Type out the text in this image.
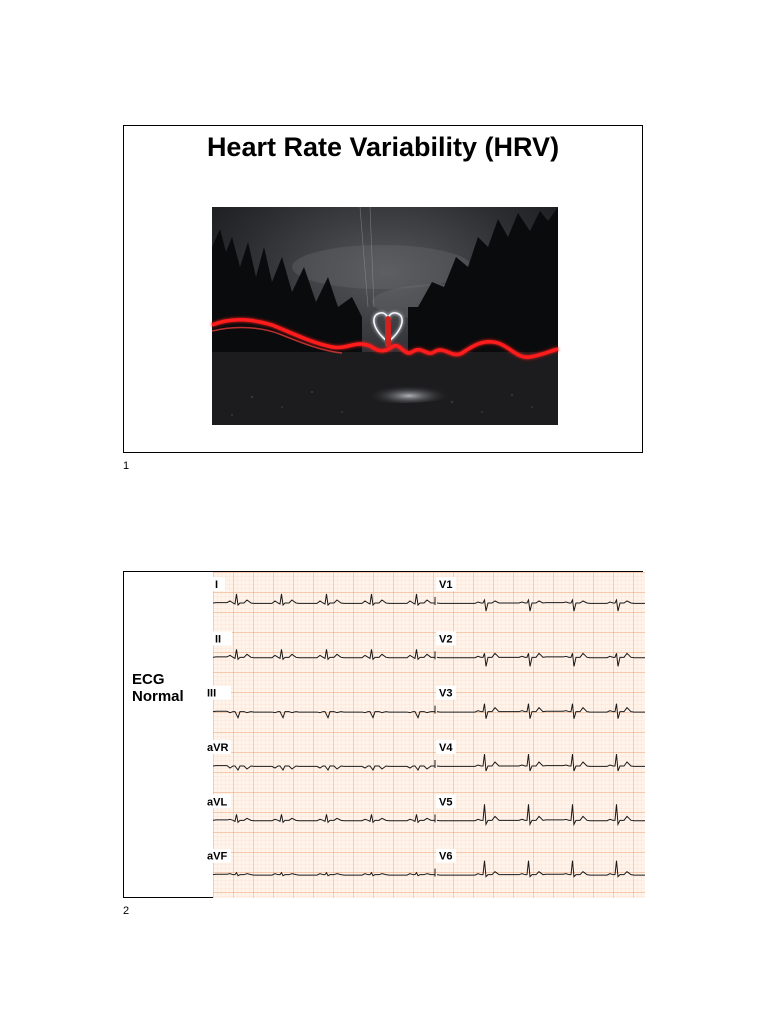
Heart Rate Variability (HRV)
1
ECG
Normal
I	V1
II	V2
III	V3
aVR	V4
aVL	V5
aVF	V6
2
